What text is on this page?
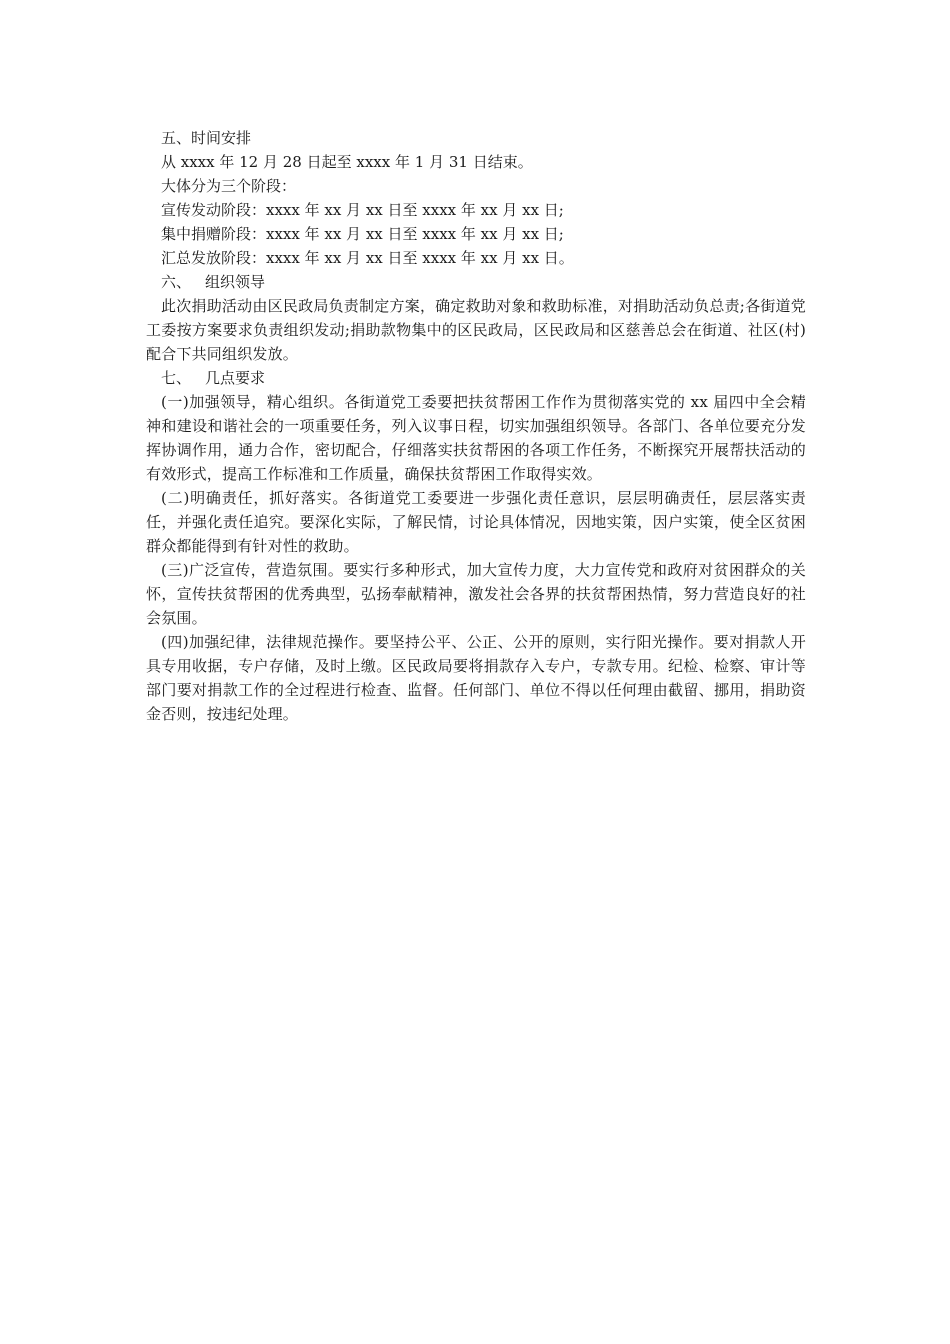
五、时间安排
从 xxxx 年 12 月 28 日起至 xxxx 年 1 月 31 日结束。
大体分为三个阶段：
宣传发动阶段：xxxx 年 xx 月 xx 日至 xxxx 年 xx 月 xx 日;
集中捐赠阶段：xxxx 年 xx 月 xx 日至 xxxx 年 xx 月 xx 日;
汇总发放阶段：xxxx 年 xx 月 xx 日至 xxxx 年 xx 月 xx 日。
六、 组织领导
此次捐助活动由区民政局负责制定方案，确定救助对象和救助标准，对捐助活动负总责;各街道党工委按方案要求负责组织发动;捐助款物集中的区民政局，区民政局和区慈善总会在街道、社区(村)配合下共同组织发放。
七、 几点要求
(一)加强领导，精心组织。各街道党工委要把扶贫帮困工作作为贯彻落实党的 xx 届四中全会精神和建设和谐社会的一项重要任务，列入议事日程，切实加强组织领导。各部门、各单位要充分发挥协调作用，通力合作，密切配合，仔细落实扶贫帮困的各项工作任务，不断探究开展帮扶活动的有效形式，提高工作标准和工作质量，确保扶贫帮困工作取得实效。
(二)明确责任，抓好落实。各街道党工委要进一步强化责任意识，层层明确责任，层层落实责任，并强化责任追究。要深化实际，了解民情，讨论具体情况，因地实策，因户实策，使全区贫困群众都能得到有针对性的救助。
(三)广泛宣传，营造氛围。要实行多种形式，加大宣传力度，大力宣传党和政府对贫困群众的关怀，宣传扶贫帮困的优秀典型，弘扬奉献精神，激发社会各界的扶贫帮困热情，努力营造良好的社会氛围。
(四)加强纪律，法律规范操作。要坚持公平、公正、公开的原则，实行阳光操作。要对捐款人开具专用收据，专户存储，及时上缴。区民政局要将捐款存入专户，专款专用。纪检、检察、审计等部门要对捐款工作的全过程进行检查、监督。任何部门、单位不得以任何理由截留、挪用，捐助资金否则，按违纪处理。
